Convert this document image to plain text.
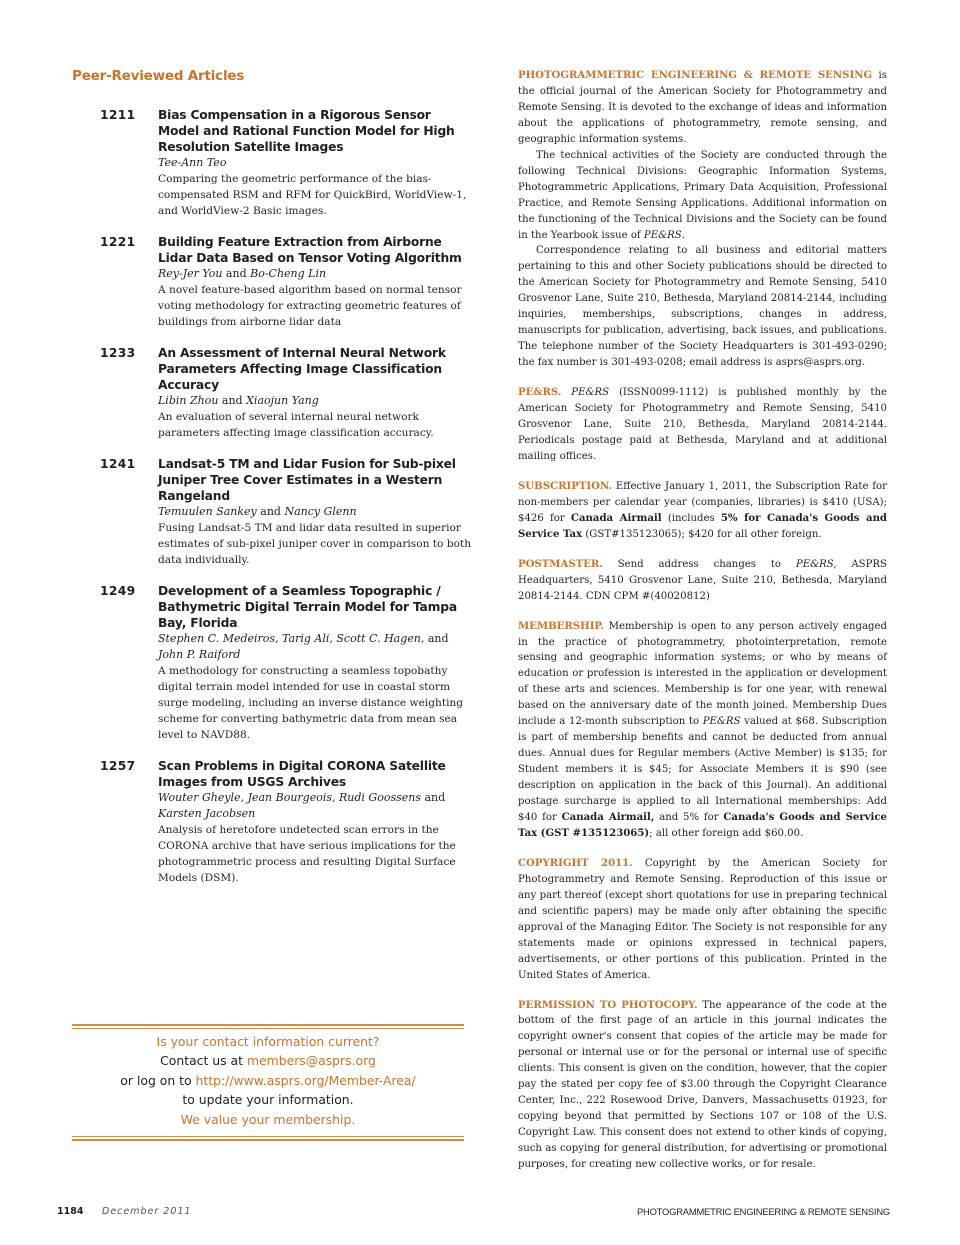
Peer-Reviewed Articles
1211	Bias Compensation in a Rigorous Sensor Model and Rational Function Model for High Resolution Satellite Images
Tee-Ann Teo
Comparing the geometric performance of the bias-compensated RSM and RFM for QuickBird, WorldView-1, and WorldView-2 Basic images.
1221	Building Feature Extraction from Airborne Lidar Data Based on Tensor Voting Algorithm
Rey-Jer You and Bo-Cheng Lin
A novel feature-based algorithm based on normal tensor voting methodology for extracting geometric features of buildings from airborne lidar data
1233	An Assessment of Internal Neural Network Parameters Affecting Image Classification Accuracy
Libin Zhou and Xiaojun Yang
An evaluation of several internal neural network parameters affecting image classification accuracy.
1241	Landsat-5 TM and Lidar Fusion for Sub-pixel Juniper Tree Cover Estimates in a Western Rangeland
Temuulen Sankey and Nancy Glenn
Fusing Landsat-5 TM and lidar data resulted in superior estimates of sub-pixel juniper cover in comparison to both data individually.
1249	Development of a Seamless Topographic / Bathymetric Digital Terrain Model for Tampa Bay, Florida
Stephen C. Medeiros, Tarig Ali, Scott C. Hagen, and John P. Raiford
A methodology for constructing a seamless topobathy digital terrain model intended for use in coastal storm surge modeling, including an inverse distance weighting scheme for converting bathymetric data from mean sea level to NAVD88.
1257	Scan Problems in Digital CORONA Satellite Images from USGS Archives
Wouter Gheyle, Jean Bourgeois, Rudi Goossens and Karsten Jacobsen
Analysis of heretofore undetected scan errors in the CORONA archive that have serious implications for the photogrammetric process and resulting Digital Surface Models (DSM).
Is your contact information current?
Contact us at members@asprs.org
or log on to http://www.asprs.org/Member-Area/
to update your information.
We value your membership.

PHOTOGRAMMETRIC ENGINEERING & REMOTE SENSING is the official journal of the American Society for Photogrammetry and Remote Sensing. It is devoted to the exchange of ideas and information about the applications of photogrammetry, remote sensing, and geographic information systems.

The technical activities of the Society are conducted through the following Technical Divisions: Geographic Information Systems, Photogrammetric Applications, Primary Data Acquisition, Professional Practice, and Remote Sensing Applications. Additional information on the functioning of the Technical Divisions and the Society can be found in the Yearbook issue of PE&RS.

Correspondence relating to all business and editorial matters pertaining to this and other Society publications should be directed to the American Society for Photogrammetry and Remote Sensing, 5410 Grosvenor Lane, Suite 210, Bethesda, Maryland 20814-2144, including inquiries, memberships, subscriptions, changes in address, manuscripts for publication, advertising, back issues, and publications. The telephone number of the Society Headquarters is 301-493-0290; the fax number is 301-493-0208; email address is asprs@asprs.org.

PE&RS. PE&RS (ISSN0099-1112) is published monthly by the American Society for Photogrammetry and Remote Sensing, 5410 Grosvenor Lane, Suite 210, Bethesda, Maryland 20814-2144. Periodicals postage paid at Bethesda, Maryland and at additional mailing offices.

SUBSCRIPTION. Effective January 1, 2011, the Subscription Rate for non-members per calendar year (companies, libraries) is $410 (USA); $426 for Canada Airmail (includes 5% for Canada's Goods and Service Tax (GST#135123065); $420 for all other foreign.

POSTMASTER. Send address changes to PE&RS, ASPRS Headquarters, 5410 Grosvenor Lane, Suite 210, Bethesda, Maryland 20814-2144. CDN CPM #(40020812)

MEMBERSHIP. Membership is open to any person actively engaged in the practice of photogrammetry, photointerpretation, remote sensing and geographic information systems; or who by means of education or profession is interested in the application or development of these arts and sciences. Membership is for one year, with renewal based on the anniversary date of the month joined. Membership Dues include a 12-month subscription to PE&RS valued at $68. Subscription is part of membership benefits and cannot be deducted from annual dues. Annual dues for Regular members (Active Member) is $135; for Student members it is $45; for Associate Members it is $90 (see description on application in the back of this Journal). An additional postage surcharge is applied to all International memberships: Add $40 for Canada Airmail, and 5% for Canada's Goods and Service Tax (GST #135123065); all other foreign add $60.00.

COPYRIGHT 2011. Copyright by the American Society for Photogrammetry and Remote Sensing. Reproduction of this issue or any part thereof (except short quotations for use in preparing technical and scientific papers) may be made only after obtaining the specific approval of the Managing Editor. The Society is not responsible for any statements made or opinions expressed in technical papers, advertisements, or other portions of this publication. Printed in the United States of America.

PERMISSION TO PHOTOCOPY. The appearance of the code at the bottom of the first page of an article in this journal indicates the copyright owner's consent that copies of the article may be made for personal or internal use or for the personal or internal use of specific clients. This consent is given on the condition, however, that the copier pay the stated per copy fee of $3.00 through the Copyright Clearance Center, Inc., 222 Rosewood Drive, Danvers, Massachusetts 01923, for copying beyond that permitted by Sections 107 or 108 of the U.S. Copyright Law. This consent does not extend to other kinds of copying, such as copying for general distribution, for advertising or promotional purposes, for creating new collective works, or for resale.

1184 December 2011	PHOTOGRAMMETRIC ENGINEERING & REMOTE SENSING
